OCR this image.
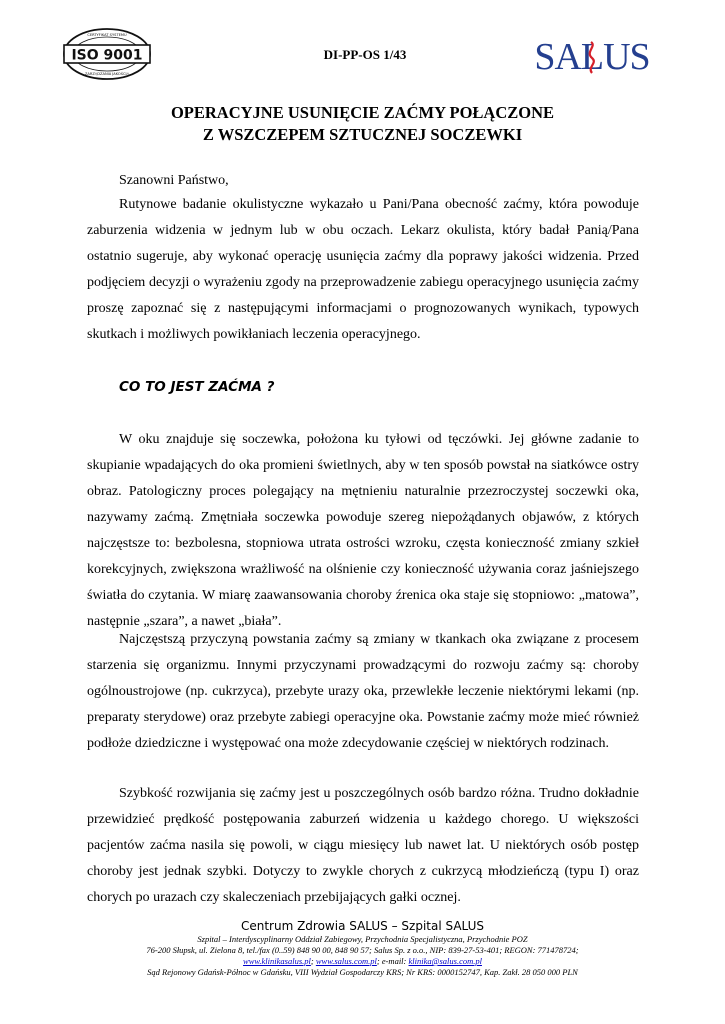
ISO 9001
CERTYFIKAT SYSTEMU
ZARZĄDZANIA JAKOŚCIĄ
DI-PP-OS 1/43	SALUS
OPERACYJNE USUNIĘCIE ZAĆMY POŁĄCZONE
Z WSZCZEPEM SZTUCZNEJ SOCZEWKI
Szanowni Państwo,

Rutynowe badanie okulistyczne wykazało u Pani/Pana obecność zaćmy, która powoduje zaburzenia widzenia w jednym lub w obu oczach. Lekarz okulista, który badał Panią/Pana ostatnio sugeruje, aby wykonać operację usunięcia zaćmy dla poprawy jakości widzenia. Przed podjęciem decyzji o wyrażeniu zgody na przeprowadzenie zabiegu operacyjnego usunięcia zaćmy proszę zapoznać się z następującymi informacjami o prognozowanych wynikach, typowych skutkach i możliwych powikłaniach leczenia operacyjnego.

CO TO JEST ZAĆMA ?

W oku znajduje się soczewka, położona ku tyłowi od tęczówki. Jej główne zadanie to skupianie wpadających do oka promieni świetlnych, aby w ten sposób powstał na siatkówce ostry obraz. Patologiczny proces polegający na mętnieniu naturalnie przezroczystej soczewki oka, nazywamy zaćmą. Zmętniała soczewka powoduje szereg niepożądanych objawów, z których najczęstsze to: bezbolesna, stopniowa utrata ostrości wzroku, częsta konieczność zmiany szkieł korekcyjnych, zwiększona wrażliwość na olśnienie czy konieczność używania coraz jaśniejszego światła do czytania. W miarę zaawansowania choroby źrenica oka staje się stopniowo: „matowa”, następnie „szara”, a nawet „biała”.

Najczęstszą przyczyną powstania zaćmy są zmiany w tkankach oka związane z procesem starzenia się organizmu. Innymi przyczynami prowadzącymi do rozwoju zaćmy są: choroby ogólnoustrojowe (np. cukrzyca), przebyte urazy oka, przewlekłe leczenie niektórymi lekami (np. preparaty sterydowe) oraz przebyte zabiegi operacyjne oka. Powstanie zaćmy może mieć również podłoże dziedziczne i występować ona może zdecydowanie częściej w niektórych rodzinach.

Szybkość rozwijania się zaćmy jest u poszczególnych osób bardzo różna. Trudno dokładnie przewidzieć prędkość postępowania zaburzeń widzenia u każdego chorego. U większości pacjentów zaćma nasila się powoli, w ciągu miesięcy lub nawet lat. U niektórych osób postęp choroby jest jednak szybki. Dotyczy to zwykle chorych z cukrzycą młodzieńczą (typu I) oraz chorych po urazach czy skaleczeniach przebijających gałki ocznej.

Centrum Zdrowia SALUS – Szpital SALUS
Szpital – Interdyscyplinarny Oddział Zabiegowy, Przychodnia Specjalistyczna, Przychodnie POZ
76-200 Słupsk, ul. Zielona 8, tel./fax (0..59) 848 90 00, 848 90 57; Salus Sp. z o.o., NIP: 839-27-53-401; REGON: 771478724;
www.klinikasalus.pl; www.salus.com.pl; e-mail: klinika@salus.com.pl
Sąd Rejonowy Gdańsk-Północ w Gdańsku, VIII Wydział Gospodarczy KRS; Nr KRS: 0000152747, Kap. Zakł. 28 050 000 PLN
